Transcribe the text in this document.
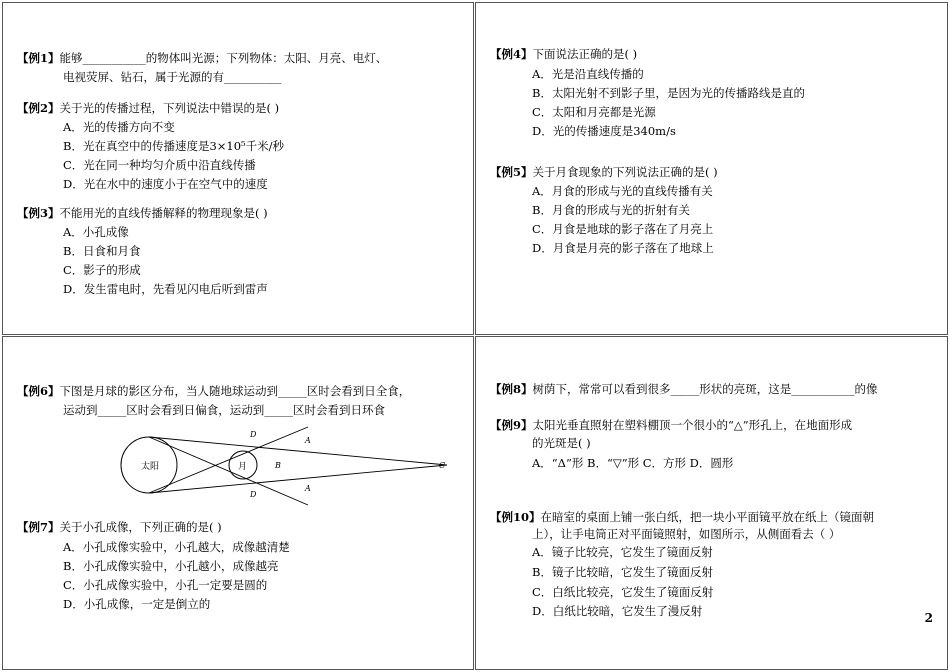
【例1】能够___________的物体叫光源；下列物体：太阳、月亮、电灯、
电视荧屏、钻石，属于光源的有__________
【例2】关于光的传播过程，下列说法中错误的是( )
A．光的传播方向不变
B．光在真空中的传播速度是3×10⁵千米/秒
C．光在同一种均匀介质中沿直线传播
D．光在水中的速度小于在空气中的速度
【例3】不能用光的直线传播解释的物理现象是( )
A．小孔成像
B．日食和月食
C．影子的形成
D．发生雷电时，先看见闪电后听到雷声
【例4】下面说法正确的是( )
A．光是沿直线传播的
B．太阳光射不到影子里，是因为光的传播路线是直的
C．太阳和月亮都是光源
D．光的传播速度是340m/s
【例5】关于月食现象的下列说法正确的是( )
A．月食的形成与光的直线传播有关
B．月食的形成与光的折射有关
C．月食是地球的影子落在了月亮上
D．月食是月亮的影子落在了地球上
【例6】下图是月球的影区分布，当人随地球运动到_____区时会看到日全食，
运动到_____区时会看到日偏食，运动到_____区时会看到日环食
太阳	月
D
A
B	C
A
D
【例7】关于小孔成像，下列正确的是( )
A．小孔成像实验中，小孔越大，成像越清楚
B．小孔成像实验中，小孔越小，成像越亮
C．小孔成像实验中，小孔一定要是圆的
D．小孔成像，一定是倒立的
【例8】树荫下，常常可以看到很多_____形状的亮斑，这是___________的像
【例9】太阳光垂直照射在塑料棚顶一个很小的“△”形孔上，在地面形成
的光斑是( )
A．“Δ”形 B．“▽”形 C．方形 D．圆形
【例10】在暗室的桌面上铺一张白纸，把一块小平面镜平放在纸上（镜面朝
上），让手电筒正对平面镜照射，如图所示，从侧面看去（ ）
A．镜子比较亮，它发生了镜面反射
B．镜子比较暗，它发生了镜面反射
C．白纸比较亮，它发生了镜面反射
D．白纸比较暗，它发生了漫反射	2
